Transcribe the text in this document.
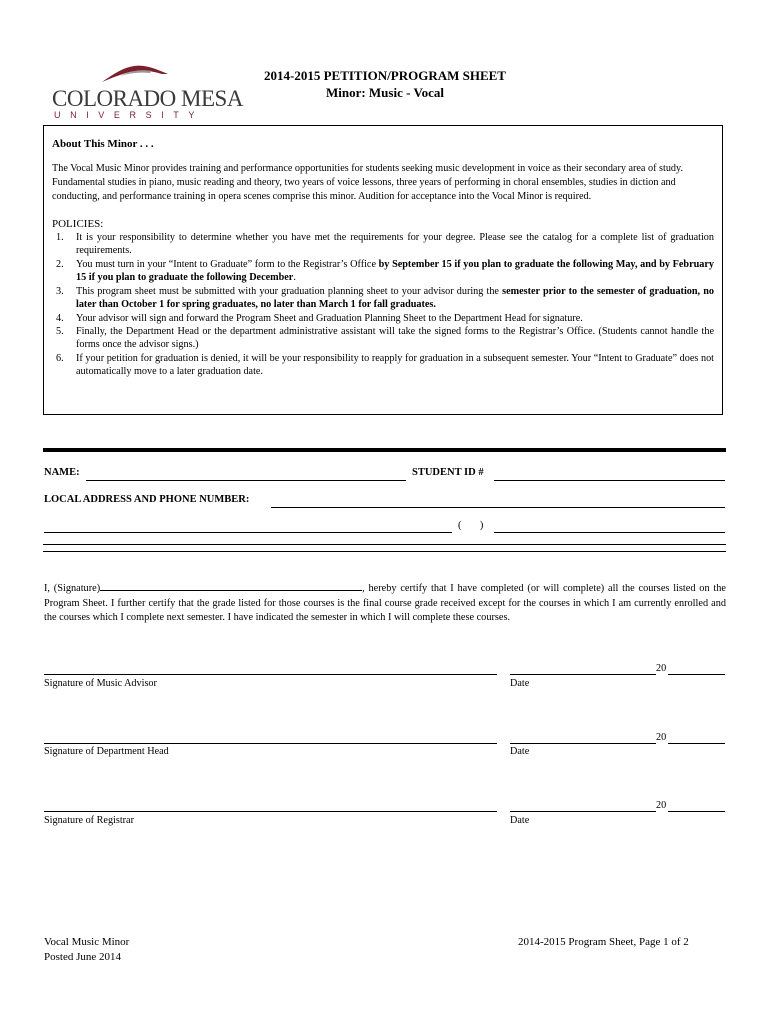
COLORADO MESA
UNIVERSITY
2014-2015 PETITION/PROGRAM SHEET
Minor: Music - Vocal
About This Minor . . .
The Vocal Music Minor provides training and performance opportunities for students seeking music development in voice as their secondary area of study. Fundamental studies in piano, music reading and theory, two years of voice lessons, three years of performing in choral ensembles, studies in diction and conducting, and performance training in opera scenes comprise this minor. Audition for acceptance into the Vocal Minor is required.
POLICIES:
1. It is your responsibility to determine whether you have met the requirements for your degree. Please see the catalog for a complete list of graduation requirements.
2. You must turn in your “Intent to Graduate” form to the Registrar’s Office by September 15 if you plan to graduate the following May, and by February 15 if you plan to graduate the following December.
3. This program sheet must be submitted with your graduation planning sheet to your advisor during the semester prior to the semester of graduation, no later than October 1 for spring graduates, no later than March 1 for fall graduates.
4. Your advisor will sign and forward the Program Sheet and Graduation Planning Sheet to the Department Head for signature.
5. Finally, the Department Head or the department administrative assistant will take the signed forms to the Registrar’s Office. (Students cannot handle the forms once the advisor signs.)
6. If your petition for graduation is denied, it will be your responsibility to reapply for graduation in a subsequent semester. Your “Intent to Graduate” does not automatically move to a later graduation date.
NAME:	STUDENT ID #
LOCAL ADDRESS AND PHONE NUMBER:
(       )
I, (Signature)	, hereby certify that I have completed (or will complete) all the courses listed on the Program Sheet. I further certify that the grade listed for those courses is the final course grade received except for the courses in which I am currently enrolled and the courses which I complete next semester. I have indicated the semester in which I will complete these courses.
Signature of Music Advisor
20
Date
Signature of Department Head
20
Date
Signature of Registrar
20
Date
Vocal Music Minor
Posted June 2014
2014-2015 Program Sheet, Page 1 of 2
